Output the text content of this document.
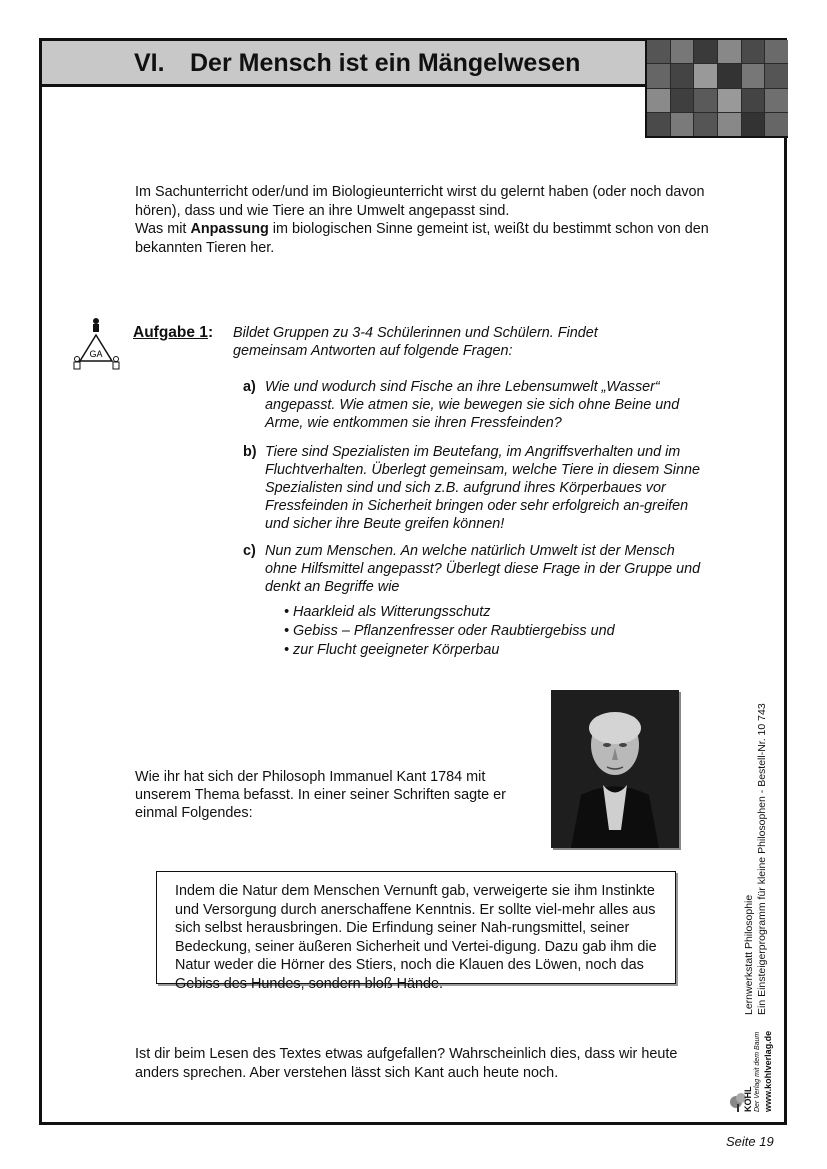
VI. Der Mensch ist ein Mängelwesen

Im Sachunterricht oder/und im Biologieunterricht wirst du gelernt haben (oder noch davon hören), dass und wie Tiere an ihre Umwelt angepasst sind.

Was mit Anpassung im biologischen Sinne gemeint ist, weißt du bestimmt schon von den bekannten Tieren her.

GA
Aufgabe 1: Bildet Gruppen zu 3-4 Schülerinnen und Schülern. Findet gemeinsam Antworten auf folgende Fragen:
a) Wie und wodurch sind Fische an ihre Lebensumwelt „Wasser“ angepasst. Wie atmen sie, wie bewegen sie sich ohne Beine und Arme, wie entkommen sie ihren Fressfeinden?
b) Tiere sind Spezialisten im Beutefang, im Angriffsverhalten und im Fluchtverhalten. Überlegt gemeinsam, welche Tiere in diesem Sinne Spezialisten sind und sich z.B. aufgrund ihres Körperbaues vor Fressfeinden in Sicherheit bringen oder sehr erfolgreich an-greifen und sicher ihre Beute greifen können!
c) Nun zum Menschen. An welche natürlich Umwelt ist der Mensch ohne Hilfsmittel angepasst? Überlegt diese Frage in der Gruppe und denkt an Begriffe wie
• Haarkleid als Witterungsschutz
• Gebiss – Pflanzenfresser oder Raubtiergebiss und
• zur Flucht geeigneter Körperbau
Wie ihr hat sich der Philosoph Immanuel Kant 1784 mit unserem Thema befasst. In einer seiner Schriften sagte er einmal Folgendes:
Indem die Natur dem Menschen Vernunft gab, verweigerte sie ihm Instinkte und Versorgung durch anerschaffene Kenntnis. Er sollte viel-mehr alles aus sich selbst herausbringen. Die Erfindung seiner Nah-rungsmittel, seiner Bedeckung, seiner äußeren Sicherheit und Vertei-digung. Dazu gab ihm die Natur weder die Hörner des Stiers, noch die Klauen des Löwen, noch das Gebiss des Hundes, sondern bloß Hände.
Ist dir beim Lesen des Textes etwas aufgefallen? Wahrscheinlich dies, dass wir heute anders sprechen. Aber verstehen lässt sich Kant auch heute noch.
Lernwerkstatt Philosophie Ein Einsteigerprogramm für kleine Philosophen - Bestell-Nr. 10 743
KOHL Der Verlag mit dem Baum www.kohlverlag.de
Seite 19
